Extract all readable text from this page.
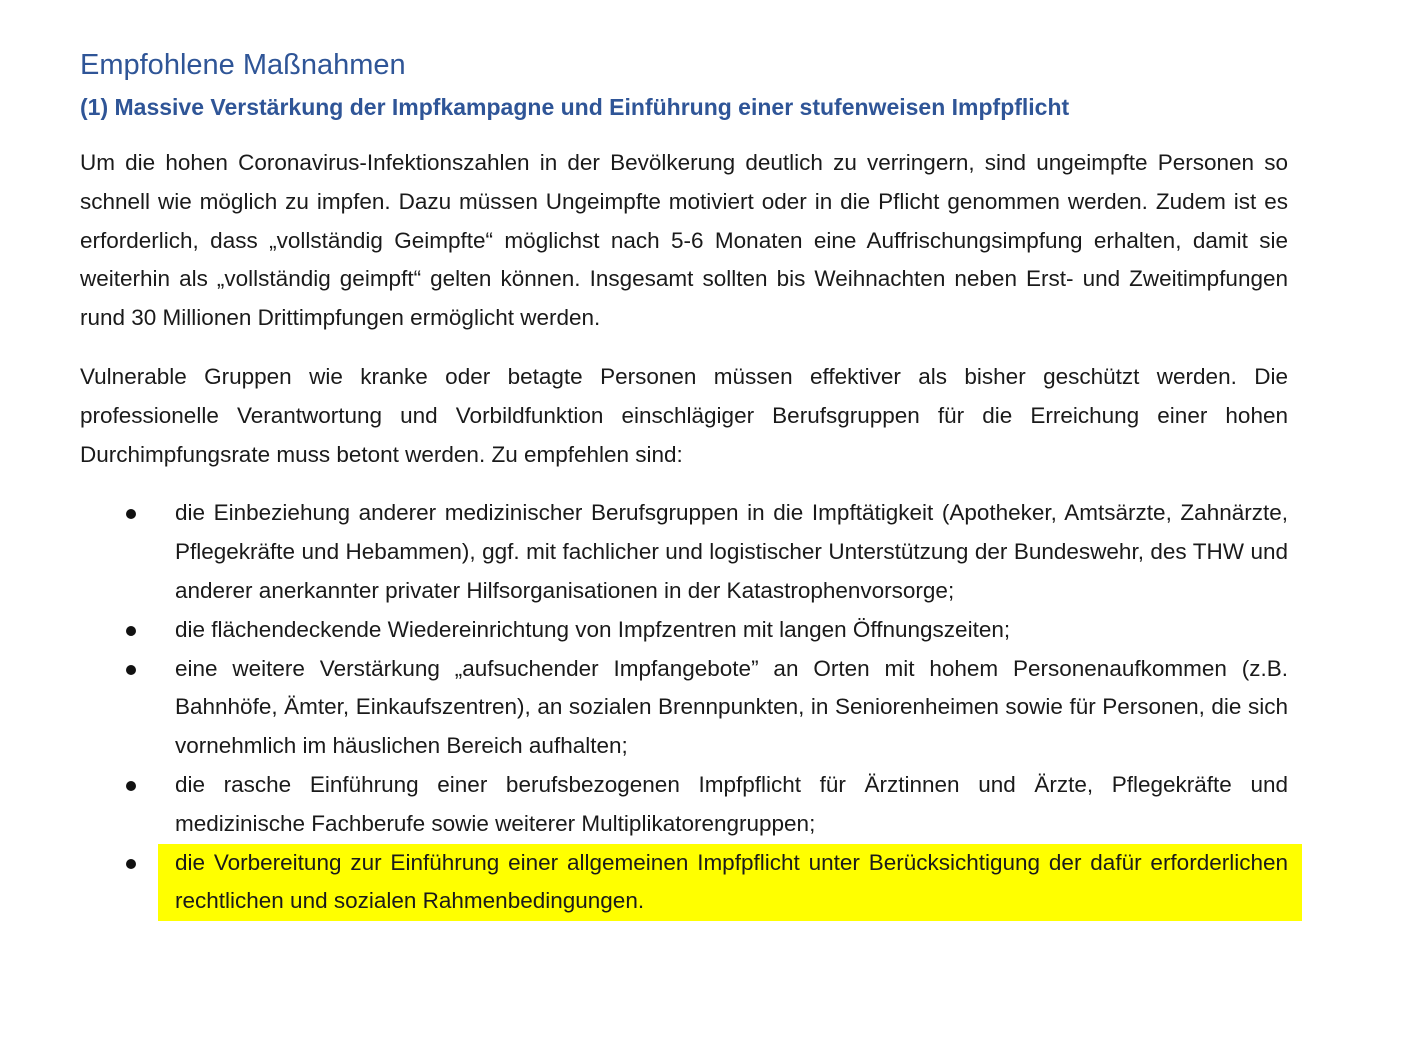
Empfohlene Maßnahmen
(1) Massive Verstärkung der Impfkampagne und Einführung einer stufenweisen Impfpflicht

Um die hohen Coronavirus-Infektionszahlen in der Bevölkerung deutlich zu verringern, sind ungeimpfte Personen so schnell wie möglich zu impfen. Dazu müssen Ungeimpfte motiviert oder in die Pflicht genommen werden. Zudem ist es erforderlich, dass „vollständig Geimpfte“ möglichst nach 5-6 Monaten eine Auffrischungsimpfung erhalten, damit sie weiterhin als „vollständig geimpft“ gelten können. Insgesamt sollten bis Weihnachten neben Erst- und Zweitimpfungen rund 30 Millionen Drittimpfungen ermöglicht werden.

Vulnerable Gruppen wie kranke oder betagte Personen müssen effektiver als bisher geschützt werden. Die professionelle Verantwortung und Vorbildfunktion einschlägiger Berufsgruppen für die Erreichung einer hohen Durchimpfungsrate muss betont werden. Zu empfehlen sind:

die Einbeziehung anderer medizinischer Berufsgruppen in die Impftätigkeit (Apotheker, Amtsärzte, Zahnärzte, Pflegekräfte und Hebammen), ggf. mit fachlicher und logistischer Unterstützung der Bundeswehr, des THW und anderer anerkannter privater Hilfsorganisationen in der Katastrophenvorsorge;
die flächendeckende Wiedereinrichtung von Impfzentren mit langen Öffnungszeiten;
eine weitere Verstärkung „aufsuchender Impfangebote” an Orten mit hohem Personenaufkommen (z.B. Bahnhöfe, Ämter, Einkaufszentren), an sozialen Brennpunkten, in Seniorenheimen sowie für Personen, die sich vornehmlich im häuslichen Bereich aufhalten;
die rasche Einführung einer berufsbezogenen Impfpflicht für Ärztinnen und Ärzte, Pflegekräfte und medizinische Fachberufe sowie weiterer Multiplikatorengruppen;
die Vorbereitung zur Einführung einer allgemeinen Impfpflicht unter Berücksichtigung der dafür erforderlichen rechtlichen und sozialen Rahmenbedingungen.
